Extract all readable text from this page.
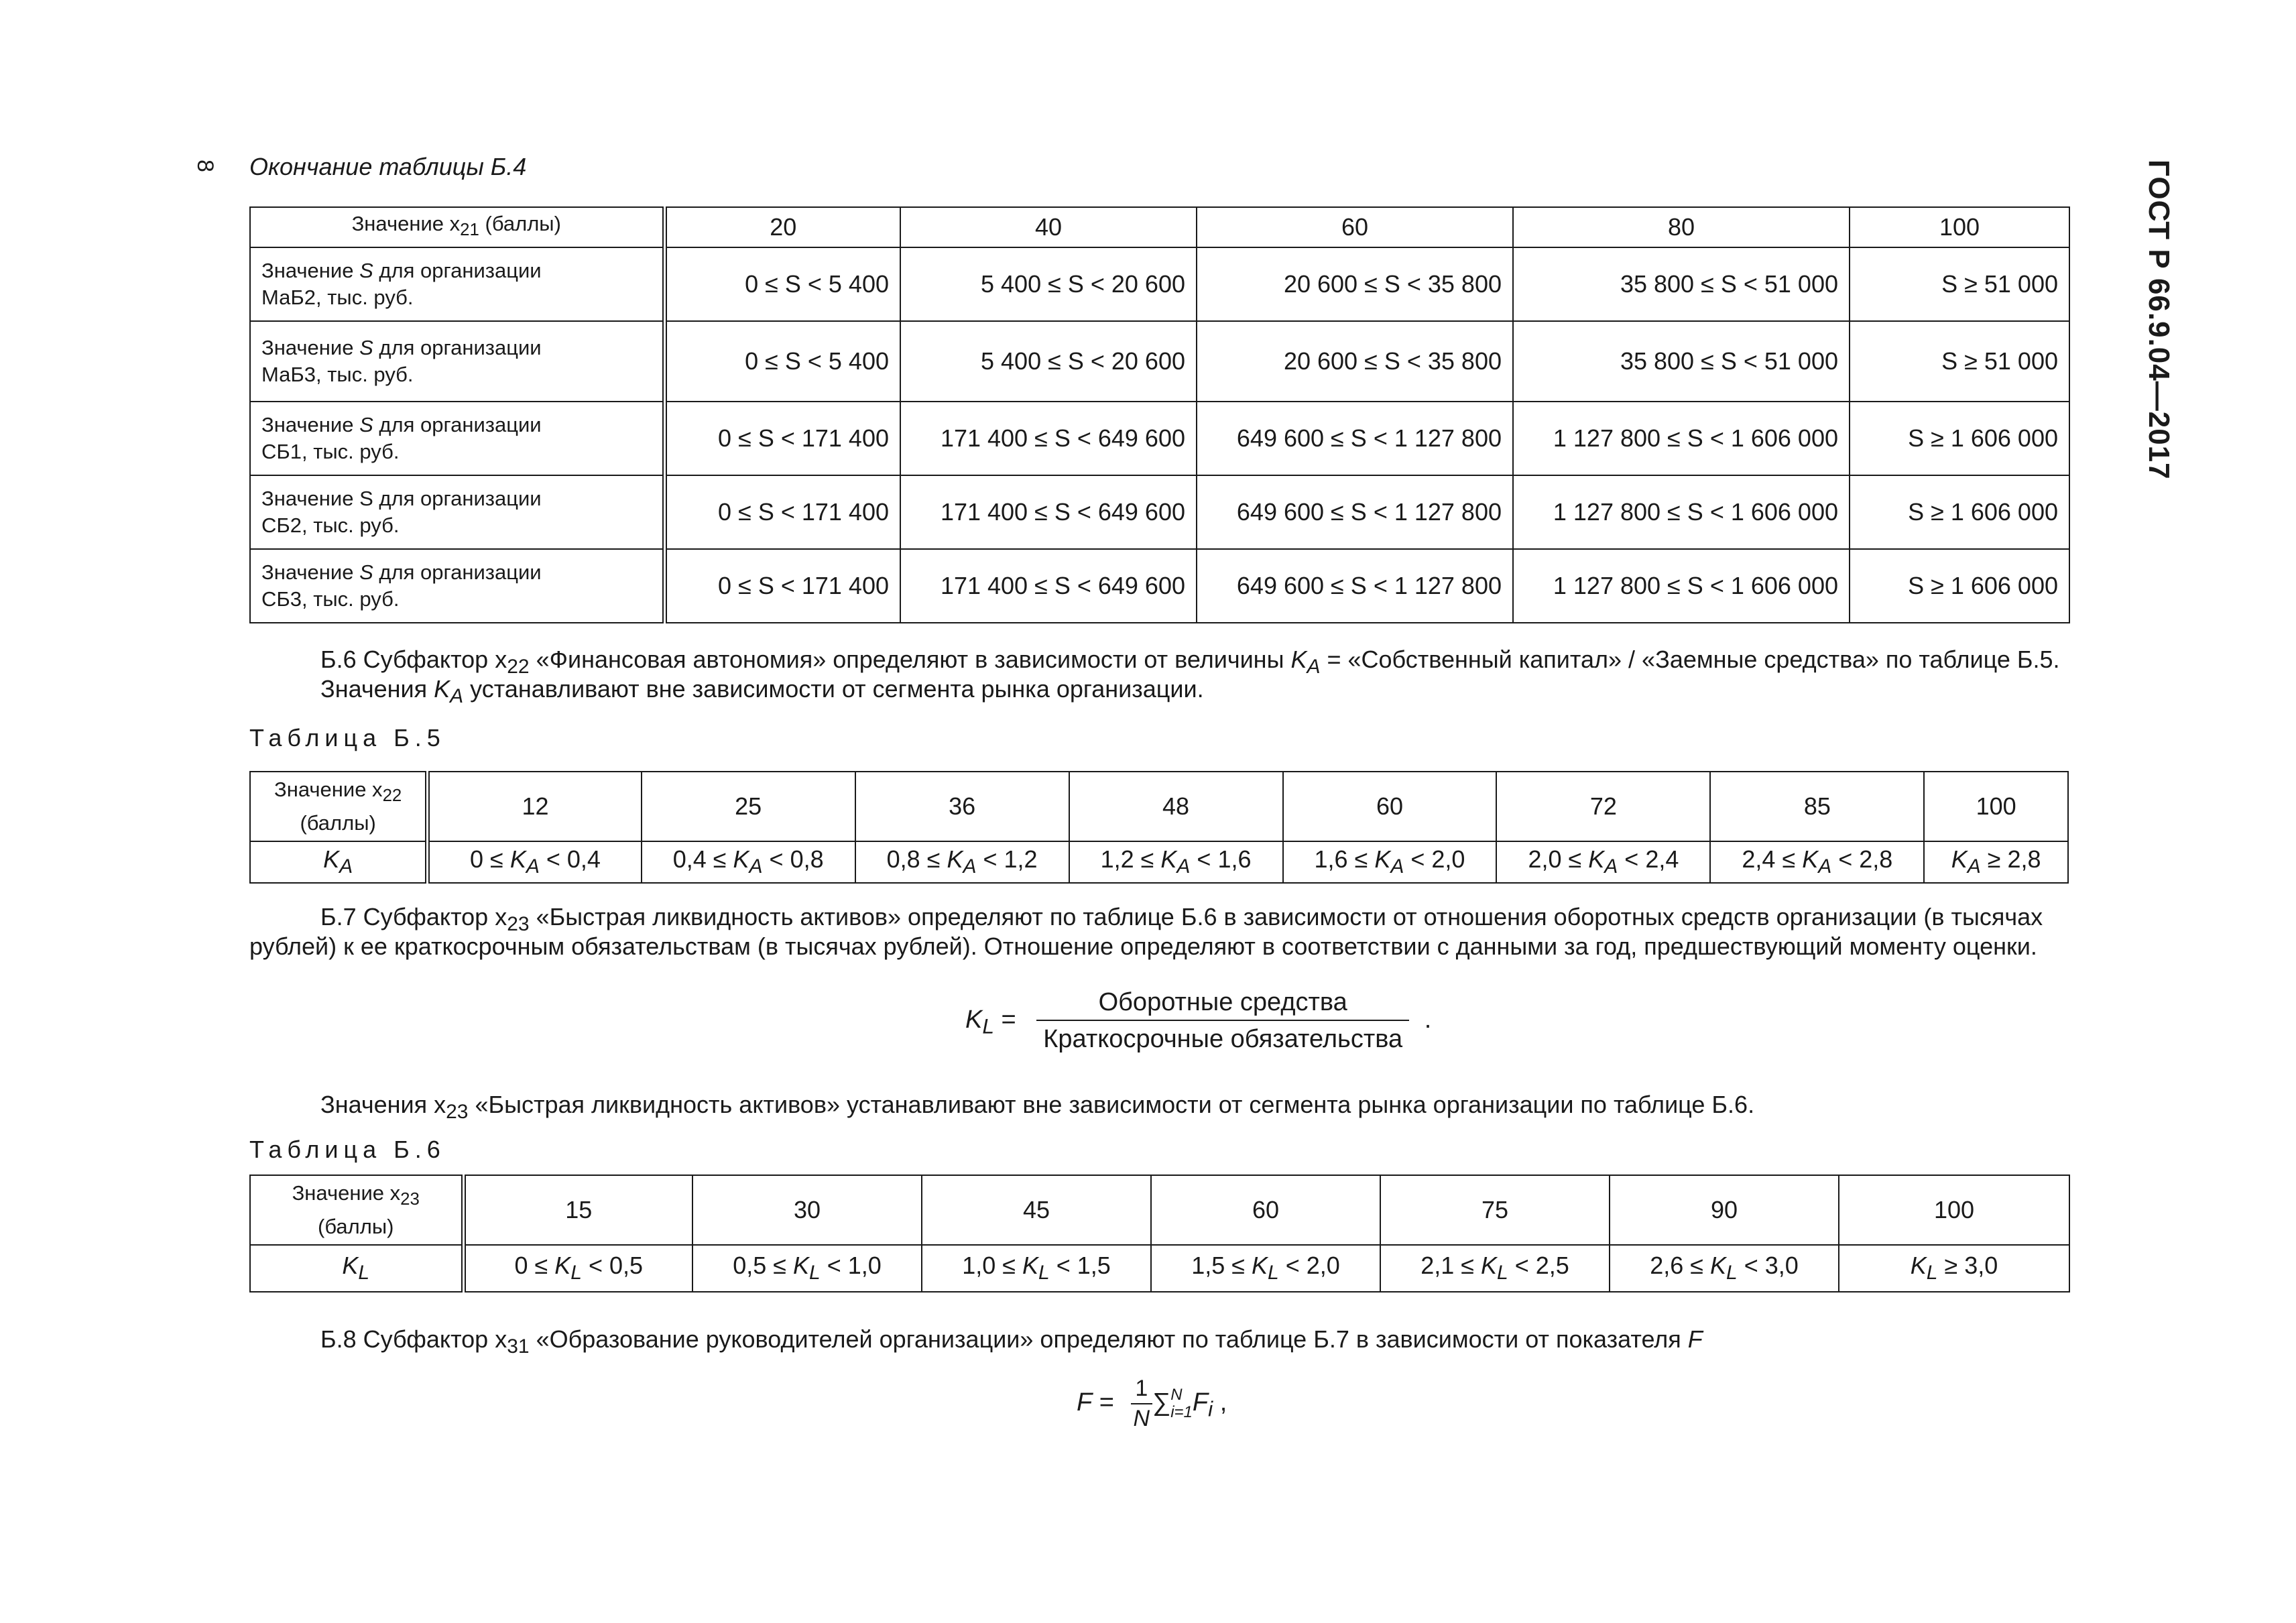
8	ГОСТ Р 66.9.04—2017
Окончание таблицы Б.4
Значение $x_{21}$ (баллы)	20	40	60	80	100
Значение S для организации
МаБ2, тыс. руб.	0 ≤ S < 5 400	5 400 ≤ S < 20 600	20 600 ≤ S < 35 800	35 800 ≤ S < 51 000	S ≥ 51 000
Значение S для организации
МаБ3, тыс. руб.	0 ≤ S < 5 400	5 400 ≤ S < 20 600	20 600 ≤ S < 35 800	35 800 ≤ S < 51 000	S ≥ 51 000
Значение S для организации
СБ1, тыс. руб.	0 ≤ S < 171 400	171 400 ≤ S < 649 600	649 600 ≤ S < 1 127 800	1 127 800 ≤ S < 1 606 000	S ≥ 1 606 000
Значение S для организации
СБ2, тыс. руб.	0 ≤ S < 171 400	171 400 ≤ S < 649 600	649 600 ≤ S < 1 127 800	1 127 800 ≤ S < 1 606 000	S ≥ 1 606 000
Значение S для организации
СБ3, тыс. руб.	0 ≤ S < 171 400	171 400 ≤ S < 649 600	649 600 ≤ S < 1 127 800	1 127 800 ≤ S < 1 606 000	S ≥ 1 606 000
Б.6 Субфактор $x_{22}$ «Финансовая автономия» определяют в зависимости от величины $K_A$ = «Собственный капитал» / «Заемные средства» по таблице Б.5.
Значения $K_A$ устанавливают вне зависимости от сегмента рынка организации.
Таблица Б.5
Значение $x_{22}$
(баллы)	12	25	36	48	60	72	85	100
$K_A$	$0 \le K_A < 0,4$	$0,4 \le K_A < 0,8$	$0,8 \le K_A < 1,2$	$1,2 \le K_A < 1,6$	$1,6 \le K_A < 2,0$	$2,0 \le K_A < 2,4$	$2,4 \le K_A < 2,8$	$K_A \ge 2,8$
Б.7 Субфактор $x_{23}$ «Быстрая ликвидность активов» определяют по таблице Б.6 в зависимости от отношения оборотных средств организации (в тысячах
рублей) к ее краткосрочным обязательствам (в тысячах рублей). Отношение определяют в соответствии с данными за год, предшествующий моменту оценки.
$K_L = \frac{\text{Оборотные средства}}{\text{Краткосрочные обязательства}}$ .
Значения $x_{23}$ «Быстрая ликвидность активов» устанавливают вне зависимости от сегмента рынка организации по таблице Б.6.
Таблица Б.6
Значение $x_{23}$
(баллы)	15	30	45	60	75	90	100
$K_L$	$0 \le K_L < 0,5$	$0,5 \le K_L < 1,0$	$1,0 \le K_L < 1,5$	$1,5 \le K_L < 2,0$	$2,1 \le K_L < 2,5$	$2,6 \le K_L < 3,0$	$K_L \ge 3,0$
Б.8 Субфактор $x_{31}$ «Образование руководителей организации» определяют по таблице Б.7 в зависимости от показателя F
$F = \frac{1}{N}$ ∑ N
i=1 $F_i$ ,
